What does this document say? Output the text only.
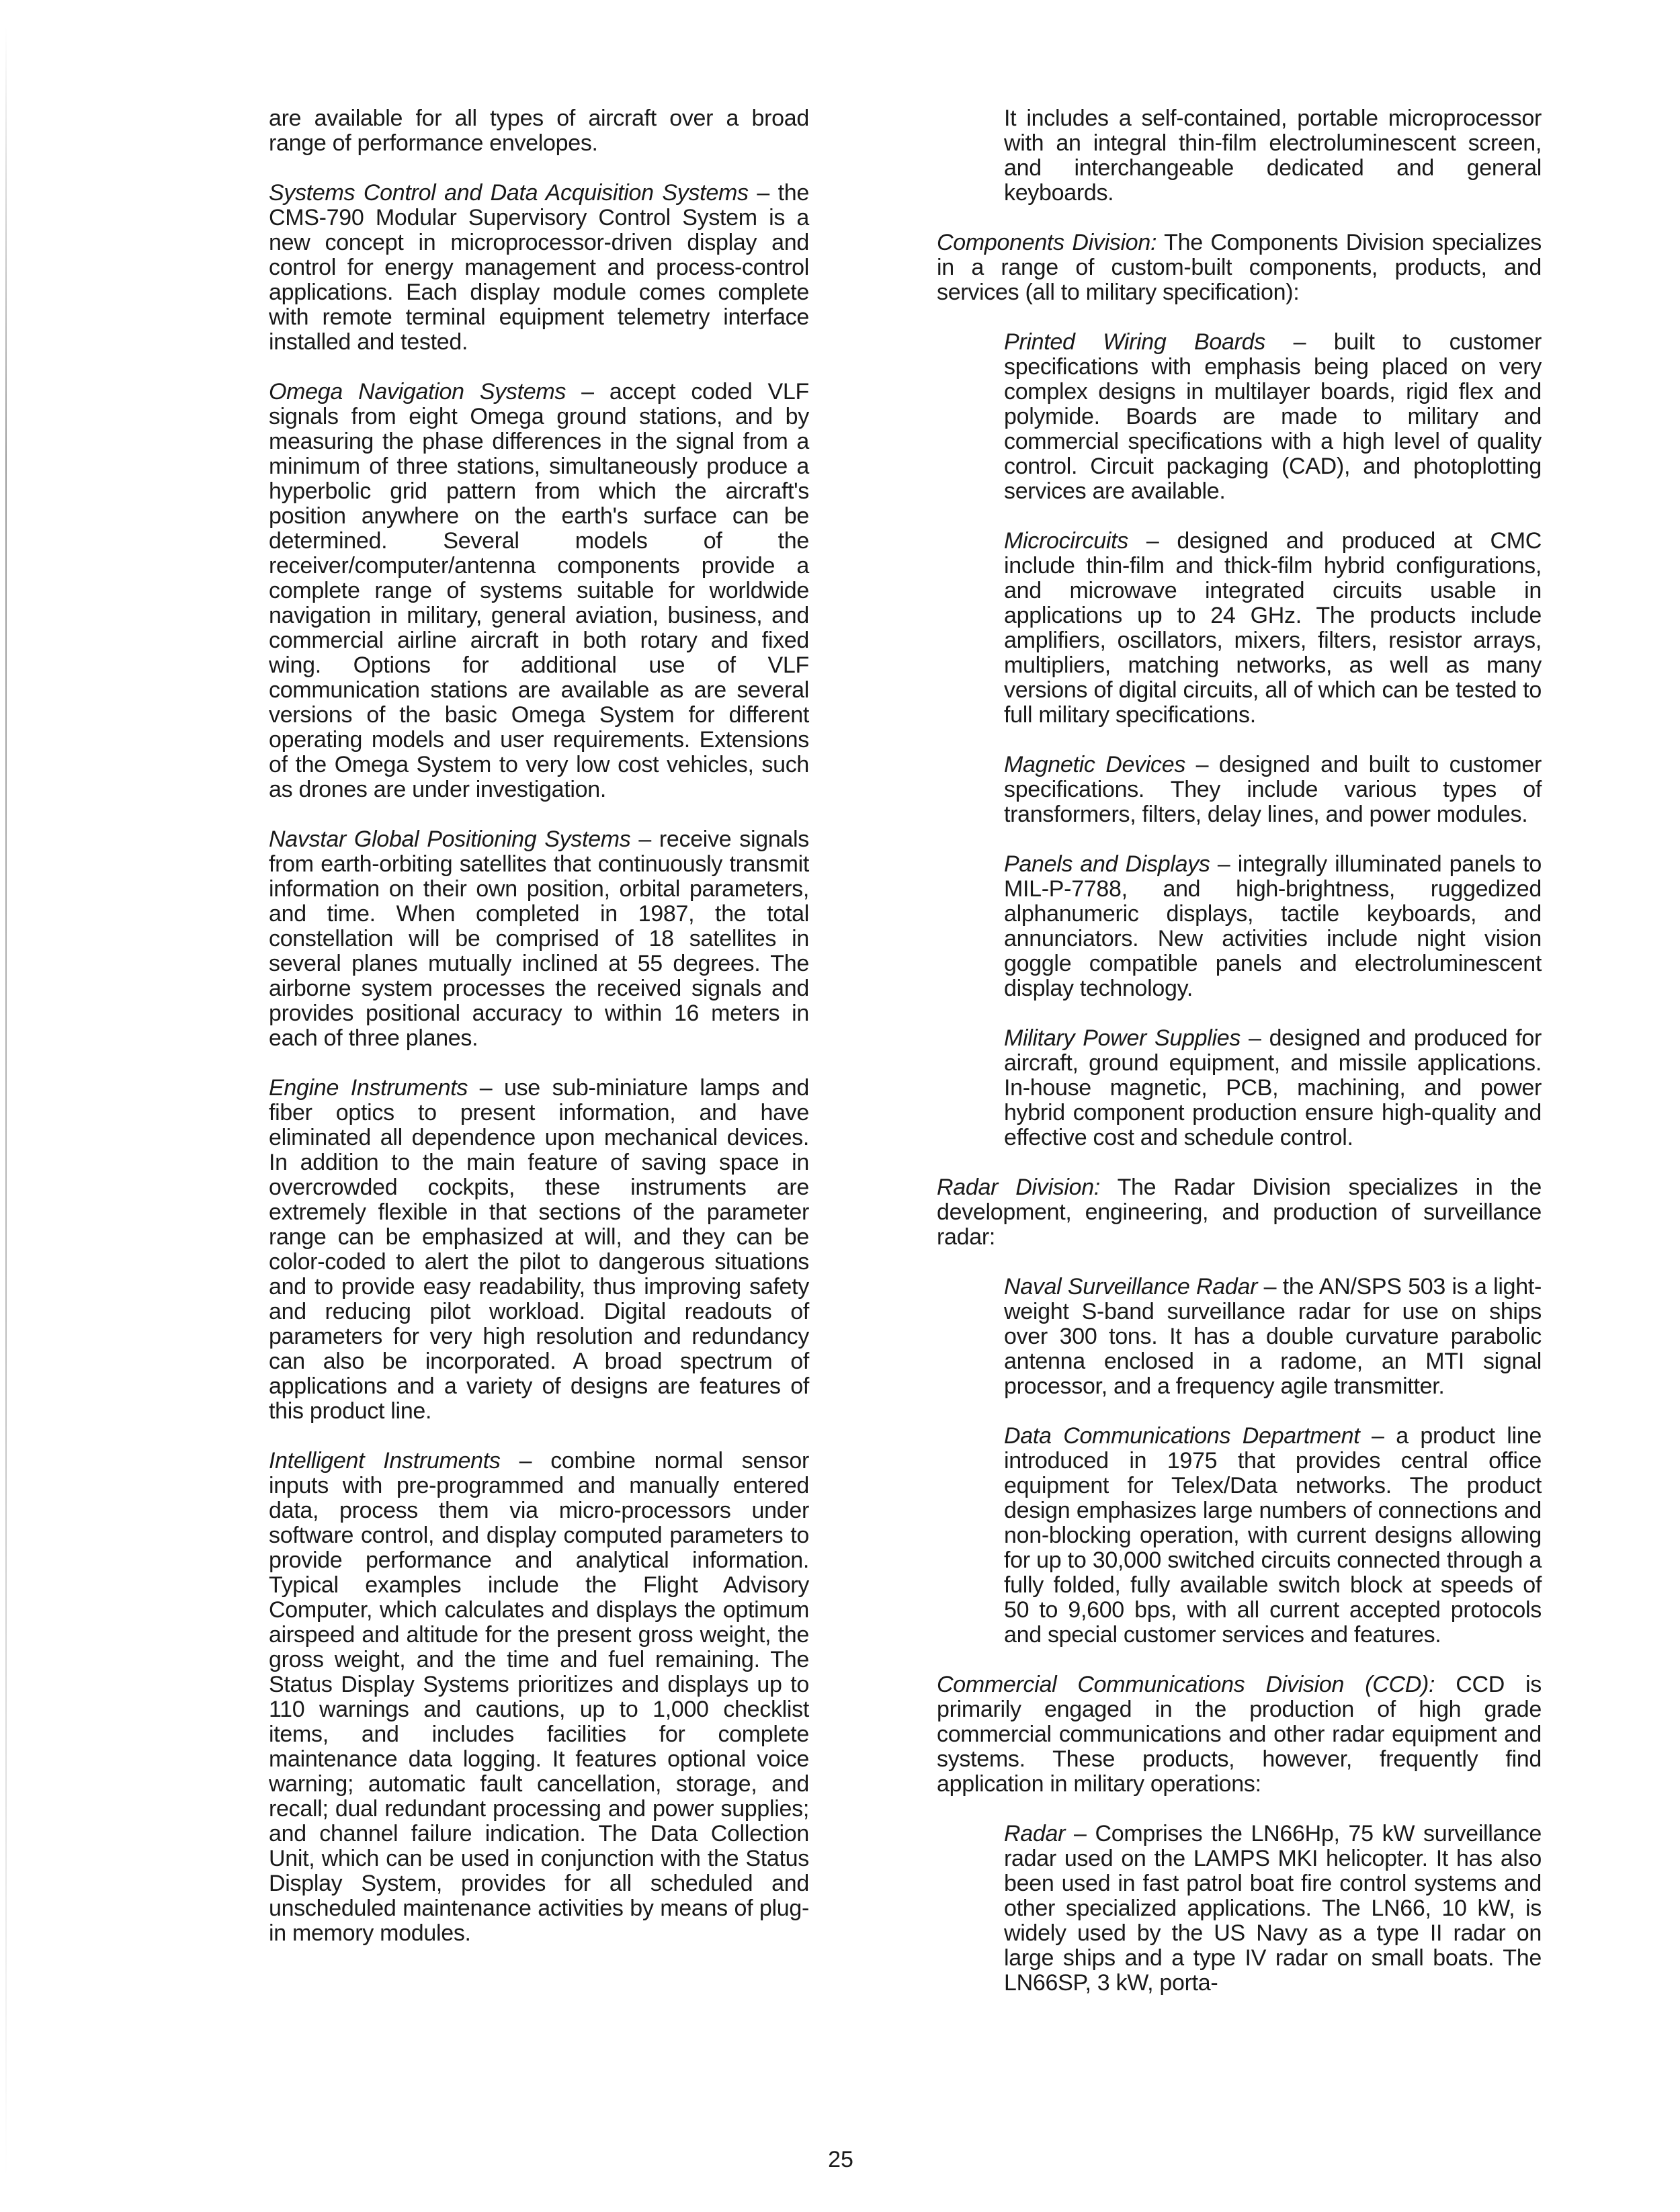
are available for all types of aircraft over a broad range of performance envelopes.

Systems Control and Data Acquisition Systems – the CMS-790 Modular Supervisory Control System is a new concept in microprocessor-driven display and control for energy management and process-control applications. Each display module comes complete with remote terminal equipment telemetry interface installed and tested.

Omega Navigation Systems – accept coded VLF signals from eight Omega ground stations, and by measuring the phase differences in the signal from a minimum of three stations, simultaneously produce a hyperbolic grid pattern from which the aircraft's position anywhere on the earth's surface can be determined. Several models of the receiver/computer/antenna components provide a complete range of systems suitable for worldwide navigation in military, general aviation, business, and commercial airline aircraft in both rotary and fixed wing. Options for additional use of VLF communication stations are available as are several versions of the basic Omega System for different operating models and user requirements. Extensions of the Omega System to very low cost vehicles, such as drones are under investigation.

Navstar Global Positioning Systems – receive signals from earth-orbiting satellites that continuously transmit information on their own position, orbital parameters, and time. When completed in 1987, the total constellation will be comprised of 18 satellites in several planes mutually inclined at 55 degrees. The airborne system processes the received signals and provides positional accuracy to within 16 meters in each of three planes.

Engine Instruments – use sub-miniature lamps and fiber optics to present information, and have eliminated all dependence upon mechanical devices. In addition to the main feature of saving space in overcrowded cockpits, these instruments are extremely flexible in that sections of the parameter range can be emphasized at will, and they can be color-coded to alert the pilot to dangerous situations and to provide easy readability, thus improving safety and reducing pilot workload. Digital readouts of parameters for very high resolution and redundancy can also be incorporated. A broad spectrum of applications and a variety of designs are features of this product line.

Intelligent Instruments – combine normal sensor inputs with pre-programmed and manually entered data, process them via micro-processors under software control, and display computed parameters to provide performance and analytical information. Typical examples include the Flight Advisory Computer, which calculates and displays the optimum airspeed and altitude for the present gross weight, the gross weight, and the time and fuel remaining. The Status Display Systems prioritizes and displays up to 110 warnings and cautions, up to 1,000 checklist items, and includes facilities for complete maintenance data logging. It features optional voice warning; automatic fault cancellation, storage, and recall; dual redundant processing and power supplies; and channel failure indication. The Data Collection Unit, which can be used in conjunction with the Status Display System, provides for all scheduled and unscheduled maintenance activities by means of plug-in memory modules.

It includes a self-contained, portable microprocessor with an integral thin-film electroluminescent screen, and interchangeable dedicated and general keyboards.

Components Division: The Components Division specializes in a range of custom-built components, products, and services (all to military specification):

Printed Wiring Boards – built to customer specifications with emphasis being placed on very complex designs in multilayer boards, rigid flex and polymide. Boards are made to military and commercial specifications with a high level of quality control. Circuit packaging (CAD), and photoplotting services are available.

Microcircuits – designed and produced at CMC include thin-film and thick-film hybrid configurations, and microwave integrated circuits usable in applications up to 24 GHz. The products include amplifiers, oscillators, mixers, filters, resistor arrays, multipliers, matching networks, as well as many versions of digital circuits, all of which can be tested to full military specifications.

Magnetic Devices – designed and built to customer specifications. They include various types of transformers, filters, delay lines, and power modules.

Panels and Displays – integrally illuminated panels to MIL-P-7788, and high-brightness, ruggedized alphanumeric displays, tactile keyboards, and annunciators. New activities include night vision goggle compatible panels and electroluminescent display technology.

Military Power Supplies – designed and produced for aircraft, ground equipment, and missile applications. In-house magnetic, PCB, machining, and power hybrid component production ensure high-quality and effective cost and schedule control.

Radar Division: The Radar Division specializes in the development, engineering, and production of surveillance radar:

Naval Surveillance Radar – the AN/SPS 503 is a light-weight S-band surveillance radar for use on ships over 300 tons. It has a double curvature parabolic antenna enclosed in a radome, an MTI signal processor, and a frequency agile transmitter.

Data Communications Department – a product line introduced in 1975 that provides central office equipment for Telex/Data networks. The product design emphasizes large numbers of connections and non-blocking operation, with current designs allowing for up to 30,000 switched circuits connected through a fully folded, fully available switch block at speeds of 50 to 9,600 bps, with all current accepted protocols and special customer services and features.

Commercial Communications Division (CCD): CCD is primarily engaged in the production of high grade commercial communications and other radar equipment and systems. These products, however, frequently find application in military operations:

Radar – Comprises the LN66Hp, 75 kW surveillance radar used on the LAMPS MKI helicopter. It has also been used in fast patrol boat fire control systems and other specialized applications. The LN66, 10 kW, is widely used by the US Navy as a type II radar on large ships and a type IV radar on small boats. The LN66SP, 3 kW, porta-

25
